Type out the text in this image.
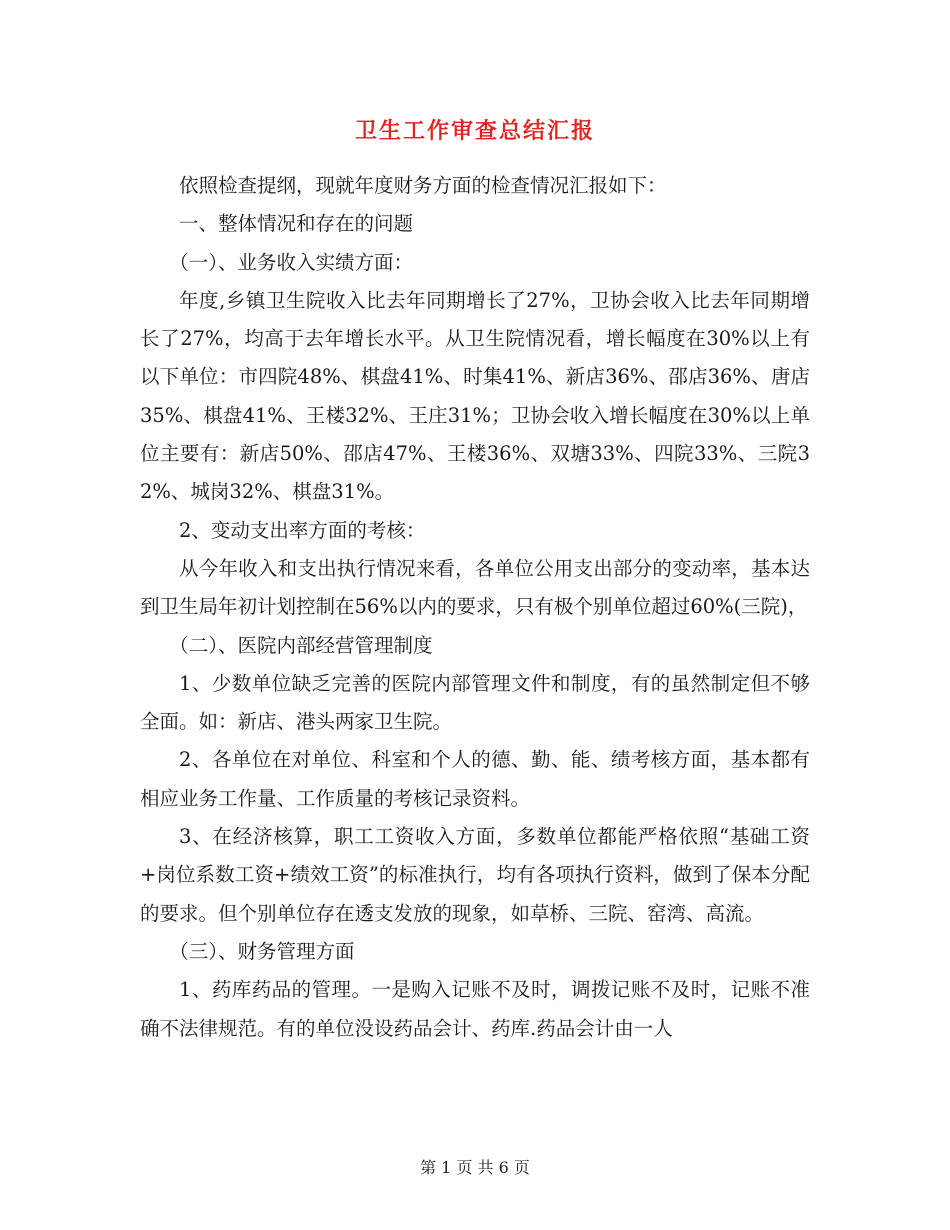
卫生工作审查总结汇报

依照检查提纲，现就年度财务方面的检查情况汇报如下：

一、整体情况和存在的问题

（一）、业务收入实绩方面：

年度,乡镇卫生院收入比去年同期增长了27%，卫协会收入比去年同期增长了27%，均高于去年增长水平。从卫生院情况看，增长幅度在30%以上有以下单位：市四院48%、棋盘41%、时集41%、新店36%、邵店36%、唐店35%、棋盘41%、王楼32%、王庄31%；卫协会收入增长幅度在30%以上单位主要有：新店50%、邵店47%、王楼36%、双塘33%、四院33%、三院32%、城岗32%、棋盘31%。

2、变动支出率方面的考核：

从今年收入和支出执行情况来看，各单位公用支出部分的变动率，基本达到卫生局年初计划控制在56%以内的要求，只有极个别单位超过60%(三院)，

（二）、医院内部经营管理制度

1、少数单位缺乏完善的医院内部管理文件和制度，有的虽然制定但不够全面。如：新店、港头两家卫生院。

2、各单位在对单位、科室和个人的德、勤、能、绩考核方面，基本都有相应业务工作量、工作质量的考核记录资料。

3、在经济核算，职工工资收入方面，多数单位都能严格依照“基础工资+岗位系数工资+绩效工资”的标准执行，均有各项执行资料，做到了保本分配的要求。但个别单位存在透支发放的现象，如草桥、三院、窑湾、高流。

（三）、财务管理方面

1、药库药品的管理。一是购入记账不及时，调拨记账不及时，记账不准确不法律规范。有的单位没设药品会计、药库.药品会计由一人

第 1 页 共 6 页
